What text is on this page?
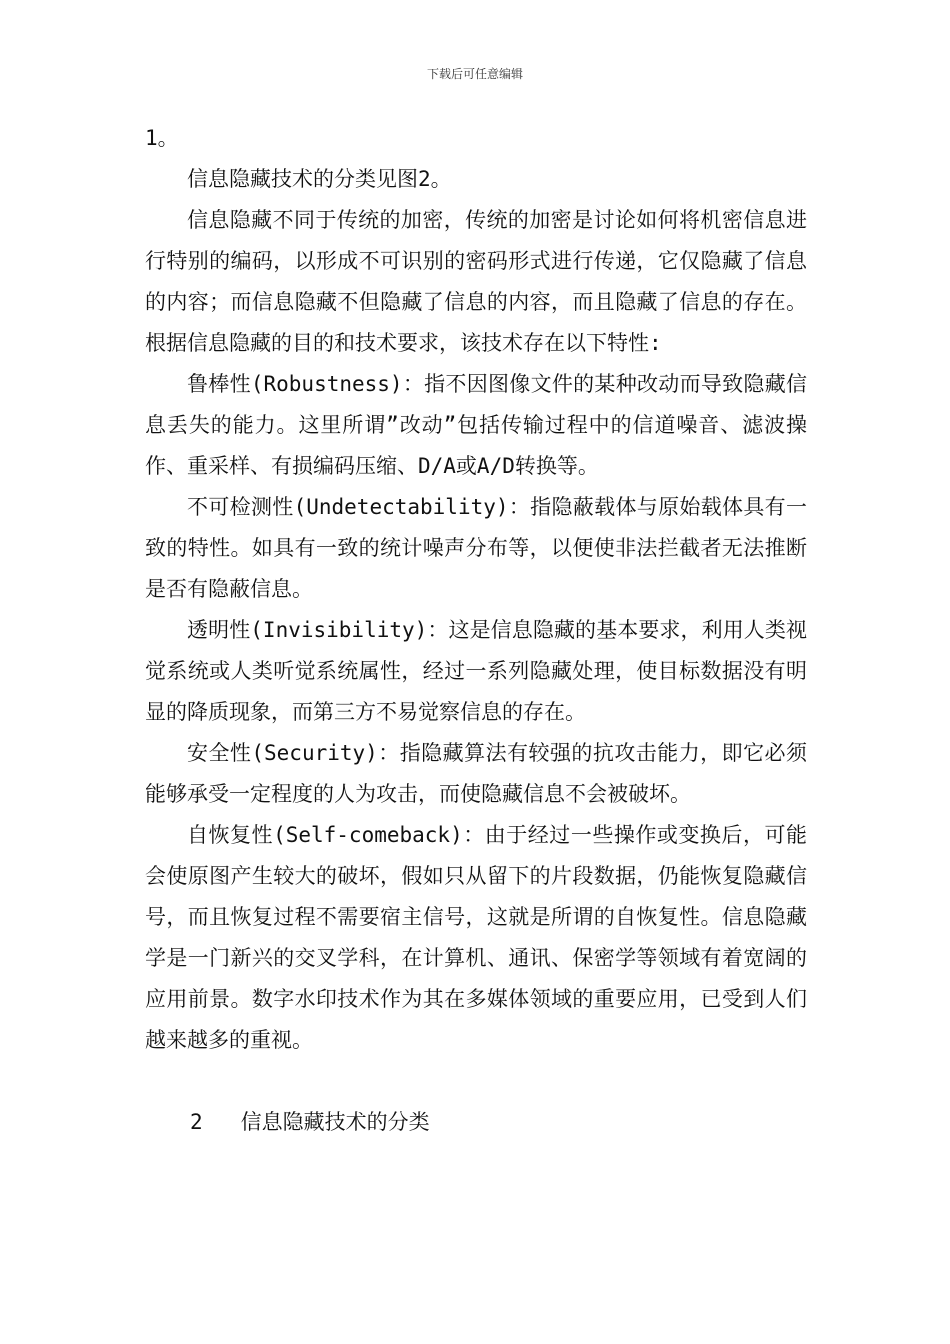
下载后可任意编辑

1。

信息隐藏技术的分类见图2。

信息隐藏不同于传统的加密，传统的加密是讨论如何将机密信息进行特别的编码，以形成不可识别的密码形式进行传递，它仅隐藏了信息的内容；而信息隐藏不但隐藏了信息的内容，而且隐藏了信息的存在。根据信息隐藏的目的和技术要求，该技术存在以下特性:

鲁棒性(Robustness)：指不因图像文件的某种改动而导致隐藏信息丢失的能力。这里所谓”改动”包括传输过程中的信道噪音、滤波操作、重采样、有损编码压缩、D/A或A/D转换等。

不可检测性(Undetectability)：指隐蔽载体与原始载体具有一致的特性。如具有一致的统计噪声分布等，以便使非法拦截者无法推断是否有隐蔽信息。

透明性(Invisibility)：这是信息隐藏的基本要求，利用人类视觉系统或人类听觉系统属性，经过一系列隐藏处理，使目标数据没有明显的降质现象，而第三方不易觉察信息的存在。

安全性(Security)：指隐藏算法有较强的抗攻击能力，即它必须能够承受一定程度的人为攻击，而使隐藏信息不会被破坏。

自恢复性(Self-comeback)：由于经过一些操作或变换后，可能会使原图产生较大的破坏，假如只从留下的片段数据，仍能恢复隐藏信号，而且恢复过程不需要宿主信号，这就是所谓的自恢复性。信息隐藏学是一门新兴的交叉学科，在计算机、通讯、保密学等领域有着宽阔的应用前景。数字水印技术作为其在多媒体领域的重要应用，已受到人们越来越多的重视。

2 信息隐藏技术的分类
